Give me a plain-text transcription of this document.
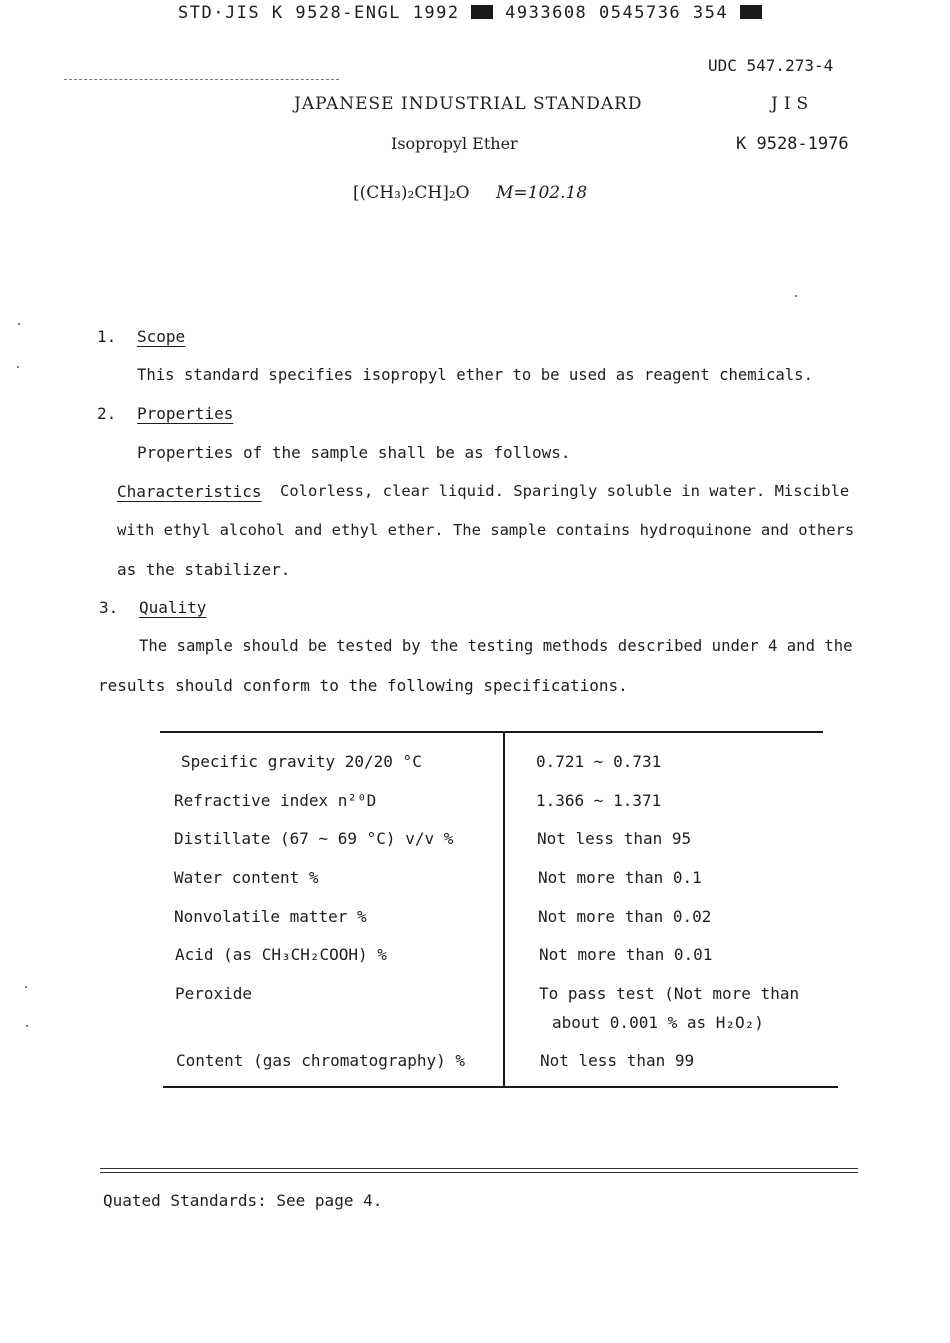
STD·JIS K 9528-ENGL 1992	4933608 0545736 354
UDC 547.273-4
JAPANESE INDUSTRIAL STANDARD	JIS
Isopropyl Ether	K 9528-1976
[(CH₃)₂CH]₂O M=102.18
1. Scope
This standard specifies isopropyl ether to be used as reagent chemicals.
2. Properties
Properties of the sample shall be as follows.
Characteristics Colorless, clear liquid. Sparingly soluble in water. Miscible
with ethyl alcohol and ethyl ether. The sample contains hydroquinone and others
as the stabilizer.
3. Quality
The sample should be tested by the testing methods described under 4 and the
results should conform to the following specifications.
Specific gravity 20/20 °C	0.721 ~ 0.731
Refractive index n²⁰D	1.366 ~ 1.371
Distillate (67 ~ 69 °C) v/v %	Not less than 95
Water content %	Not more than 0.1
Nonvolatile matter %	Not more than 0.02
Acid (as CH₃CH₂COOH) %	Not more than 0.01
Peroxide	To pass test (Not more than
about 0.001 % as H₂O₂)
Content (gas chromatography) %	Not less than 99
Quated Standards: See page 4.
